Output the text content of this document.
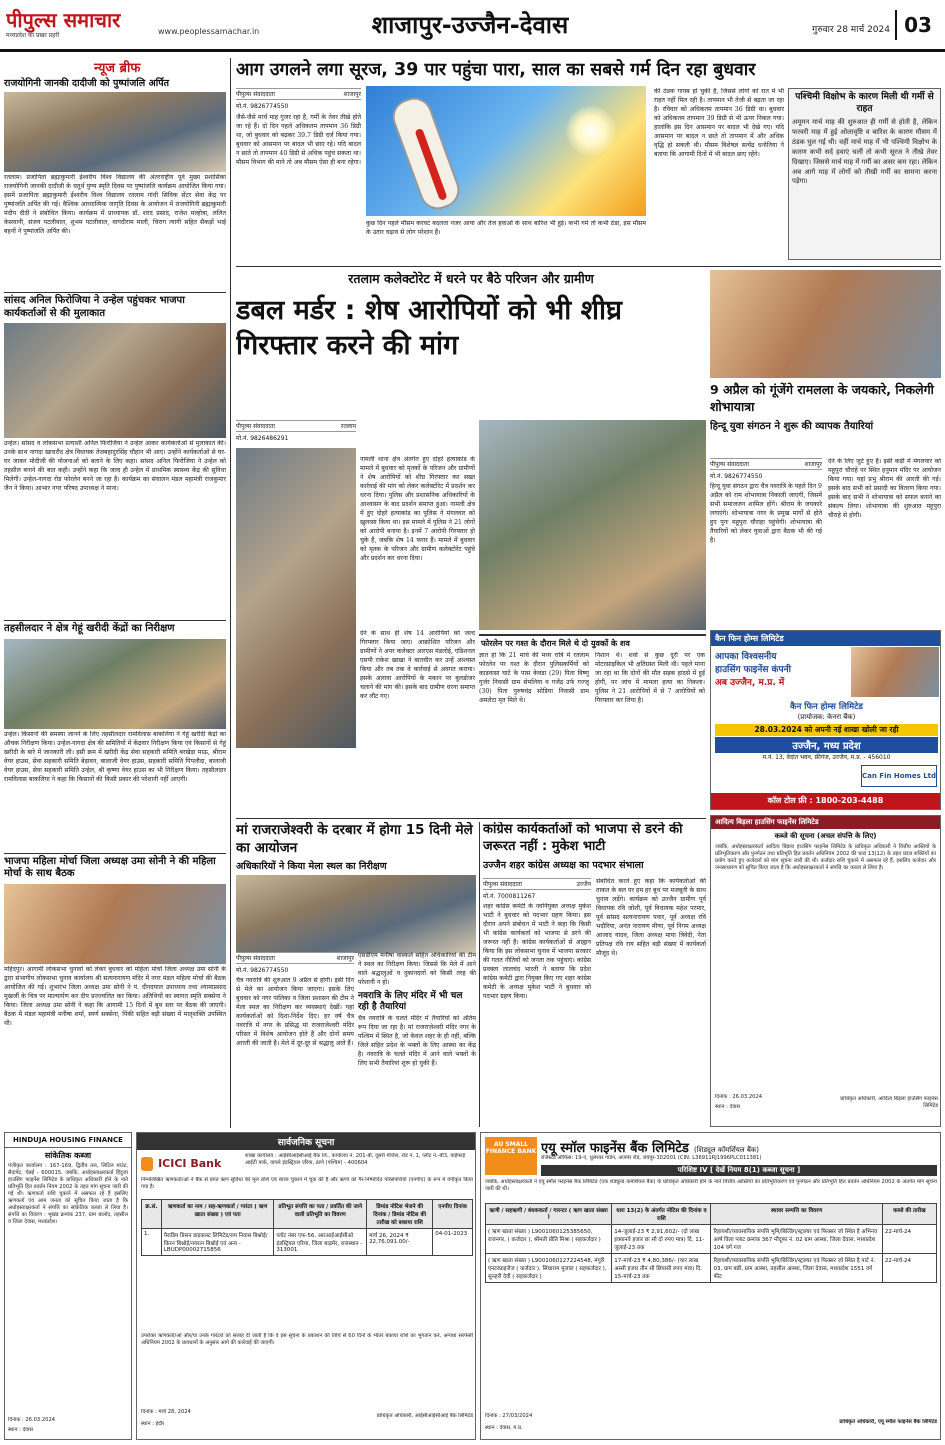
पीपुल्स समाचार
मध्यप्रदेश का प्रखर प्रहरी	www.peoplessamachar.in	शाजापुर-उज्जैन-देवास	गुरुवार 28 मार्च 2024 03
न्यूज ब्रीफ
राजयोगिनी जानकी दादीजी को पुष्पांजलि अर्पित
रतलाम। प्रजापिता ब्रह्माकुमारी ईश्वरीय विश्व विद्यालय की अंतरराष्ट्रीय पूर्व मुख्य प्रशासिका राजयोगिनी जानकी दादीजी के चतुर्थ पुण्य स्मृति दिवस पर पुष्पांजलि कार्यक्रम आयोजित किया गया। इसमें प्रजापिता ब्रह्माकुमारी ईश्वरीय विश्व विद्यालय रतलाम गांधी सिविक सेंटर सेवा केंद्र पर पुष्पांजलि अर्पित की गई। वैश्विक आध्यात्मिक जागृति दिवस के आयोजन में राजयोगिनी ब्रह्माकुमारी मंदीप दीदी ने संबोधित किया। कार्यक्रम में प्राध्यापक डॉ. शरद प्रसाद, राजेश मल्होत्रा, ललित केसवानी, संजय पटलीवाल, शुभम पटलीवाल, वागदीराम माली, चिराग त्यागी सहित सैकड़ों भाई बहनों ने पुष्पांजलि अर्पित की।
सांसद अनिल फिरोजिया ने उन्हेल पहुंचकर भाजपा कार्यकर्ताओं से की मुलाकात
उन्हेल। सांसद व लोकसभा प्रत्याशी अनिल फिरोजिया ने उन्हेल आकर कार्यकर्ताओं से मुलाकात की। उनके साथ नागदा खाचरौद क्षेत्र विधायक तेजबहादुरसिंह चौहान भी आए। उन्होंने कार्यकर्ताओं से घर-घर जाकर मोदीजी की योजनाओं को बताने के लिए कहा। सांसद अनिल फिरोजिया ने उन्हेल को तहसील बनाने की बात कही। उन्होंने कहा कि जल्द ही उन्हेल में प्राथमिक स्वास्थ्य केंद्र की सुविधा मिलेगी। उन्हेल-नागदा रोड फोरलेन बनने जा रहा है। कार्यक्रम का संचालन मंडल महामंत्री राजकुमार जैन ने किया। आभार नगर परिषद उपाध्यक्ष ने माना।
तहसीलदार ने क्षेत्र गेहूं खरीदी केंद्रों का निरीक्षण
उन्हेल। किसानों की समस्या जानने के लिए तहसीलदार रामविलास बाकलिया ने गेहूं खरीदी केंद्रों का औचक निरीक्षण किया। उन्हेल-नागदा क्षेत्र की समितियों में केंद्रवार निरीक्षण किया एवं किसानों से गेहूं खरीदी के बारे में जानकारी ली। इसी क्रम में खरीदी केंद्र सेवा सहकारी समिति बरखेड़ा माऊ, श्रीराम वेयर हाउस, सेवा सहकारी समिति बेड़ावन, बालाजी वेयर हाउस, सहकारी समिति पिपलौदा, बालाजी वेयर हाउस, सेवा सहकारी समिति उन्हेल, श्री कृष्णा वेयर हाउस का भी निरीक्षण किया। तहसीलदार रामविलास बाकलिया ने कहा कि किसानों की किसी प्रकार की परेशानी नहीं आएगी।
भाजपा महिला मोर्चा जिला अध्यक्ष उमा सोनी ने की महिला मोर्चा के साथ बैठक
महिदपुर। आगामी लोकसभा चुनावों को लेकर बुधवार को महिला मोर्चा जिला अध्यक्ष उमा सोनी के द्वारा संभागीय लोकसभा चुनाव कार्यालय श्री सत्यनारायण मंदिर में नगर मंडल महिला मोर्चा की बैठक आयोजित की गई। शुभारंभ जिला अध्यक्ष उमा सोनी ने पं. दीनदयाल उपाध्याय तथा श्यामाप्रसाद मुखर्जी के चित्र पर माल्यार्पण कर दीप प्रज्ज्वलित कर किया। अतिथियों का स्वागत स्मृति सक्सेना ने किया। जिला अध्यक्ष उमा सोनी ने कहा कि आगामी 15 दिनों में बूथ स्तर पर बैठक की जाएगी। बैठक में मंडल महामंत्री मनीषा शर्मा, स्वर्ण सक्सेना, पिंकी सहित बड़ी संख्या में मातृशक्ति उपस्थित थी।
आग उगलने लगा सूरज, 39 पार पहुंचा पारा, साल का सबसे गर्म दिन रहा बुधवार
पीपुल्स संवाददाता	शाजापुर
मो.नं. 9826774550
जैसे-जैसे मार्च माह गुजर रहा है, गर्मी के तेवर तीखे होते जा रहे हैं। दो दिन पहले अधिकतम तापमान 36 डिग्री था, जो बुधवार को बढ़कर 39.7 डिग्री दर्ज किया गया। बुधवार को आसमान पर बादल भी छाए रहे। यदि बादल न छाते तो तापमान 40 डिग्री से अधिक पहुंच सकता था। मौसम विभाग की माने तो अब मौसम ऐसा ही बना रहेगा।
कुछ दिन पहले मौसम करवट बदलता नजर आया और तेज हवाओं के साथ बारिश भी हुई। कभी गर्म तो कभी ठंडा, इस मौसम के उतार चढ़ाव से लोग परेशान हैं।
की ठंडक गायब हो चुकी है, जिससे लोगों को रात में भी राहत नहीं मिल रही है। तापमान भी तेजी से बढ़ता जा रहा है। रविवार को अधिकतम तापमान 36 डिग्री था। बुधवार को अधिकतम तापमान 39 डिग्री से भी ऊपर निकल गया। हालांकि इस दिन आसमान पर बादल भी देखे गए। यदि आसमान पर बादल न छाते तो तापमान में और अधिक वृद्धि हो सकती थी। मौसम विशेषज्ञ सत्येंद्र धनोतिया ने बताया कि आगामी दिनों में भी बादल छाए रहेंगे।
पश्चिमी विक्षोभ के कारण मिली थी गर्मी से राहत
अमूमन मार्च माह की शुरुआत ही गर्मी से होती है, लेकिन फरवरी माह में हुई ओलावृष्टि व बारिश के कारण मौसम में ठंडक घुल गई थी। वहीं मार्च माह में भी पश्चिमी विक्षोभ के कारण कभी सर्द हवाएं चलीं तो कभी सूरज ने तीखे तेवर दिखाए। जिससे मार्च माह में गर्मी का असर कम रहा। लेकिन अब आगे माह में लोगों को तीखी गर्मी का सामना करना पड़ेगा।
रतलाम कलेक्टोरेट में धरने पर बैठे परिजन और ग्रामीण
डबल मर्डर : शेष आरोपियों को भी शीघ्र गिरफ्तार करने की मांग
पीपुल्स संवाददाता	रतलाम
मो.नं. 9826486291
नामली थाना क्षेत्र अंतर्गत हुए दोहरे हत्याकांड के मामले में बुधवार को मृतकों के परिजन और ग्रामीणों ने शेष आरोपियों को शीघ्र गिरफ्तार कर सख्त कार्रवाई की मांग को लेकर कलेक्टोरेट में प्रदर्शन कर धरना दिया। पुलिस और प्रशासनिक अधिकारियों के आश्वासन के बाद प्रदर्शन समाप्त हुआ। नामली क्षेत्र में हुए दोहरे हत्याकांड का पुलिस ने मंगलवार को खुलासा किया था। इस मामले में पुलिस ने 21 लोगों को आरोपी बनाया है। इनमें 7 आरोपी गिरफ्तार हो चुके हैं, जबकि शेष 14 फरार हैं। मामले में बुधवार को मृतक के परिजन और ग्रामीण कलेक्टोरेट पहुंचे और प्रदर्शन कर धरना दिया।
देने के साथ ही शेष 14 आरोपियों को जल्द गिरफ्तार किया जाए। आक्रोशित परिजन और ग्रामीणों ने अपर कलेक्टर आरएस मंडलोई, एडिशनल एसपी राकेश खाखा ने बातचीत कर उन्हें आश्वस्त किया और तब तक वे कार्रवाई से अवगत कराया। इसके अलावा आरोपियों के मकान पर बुलडोजर चलाने की मांग की। इसके बाद ग्रामीण धरना समाप्त कर लौट गए।
फोरलेन पर गश्त के दौरान मिले थे दो युवकों के शव
ज्ञात हो कि 21 मार्च की मध्य रात्रि में रतलाम फोरलेन पर गश्त के दौरान पुलिसकर्मियों को काडवासा घाटे के पास केवडा (29) पिता विष्णु गुर्जर निवासी ग्राम सेमलिया व गजेंद्र उर्फ गज्जू (30) पिता पुरुषचंद्र सोडिया निवासी ग्राम अमलेटा मृत मिले थे।
निशान थे। शवों से कुछ दूरी पर एक मोटरसाइकिल भी क्षतिग्रस्त मिली थी। पहले माना जा रहा था कि दोनों की मौत सड़क हादसे में हुई होगी, पर जांच में मामला हत्या का निकला। पुलिस ने 21 आरोपियों में से 7 आरोपियों को गिरफ्तार कर लिया है।
9 अप्रैल को गूंजेंगे रामलला के जयकारे, निकलेगी शोभायात्रा
हिन्दू युवा संगठन ने शुरू की व्यापक तैयारियां
पीपुल्स संवाददाता	शाजापुर
मो.नं. 9826774550
हिन्दू युवा संगठन द्वारा चैत्र नवरात्रि के पहले दिन 9 अप्रैल को राम शोभायात्रा निकाली जाएगी, जिसमें सभी समाजजन शामिल होंगे। श्रीराम के जयकारे लगाएंगे। शोभायात्रा नगर के प्रमुख मार्गों से होते हुए पुनः महूपुरा चौराहा पहुंचेगी। शोभायात्रा की तैयारियों को लेकर युवाओं द्वारा बैठक भी की गई है।
देने के लिए जुटे हुए हैं। इसी कड़ी में मंगलवार को महूपुरा चौराहे पर स्थित हनुमान मंदिर पर आयोजन किया गया। यहां प्रभु श्रीराम की आरती की गई। इसके बाद सभी को प्रसादी का वितरण किया गया। इसके बाद सभी ने शोभायात्रा को सफल बनाने का संकल्प लिया। शोभायात्रा की शुरुआत महूपुरा चौराहे से होगी।
कैन फिन होम्स लिमिटेड
आपका विश्वसनीय
हाउसिंग फाइनेंस कंपनी
अब उज्जैन, म.प्र. में
कैन फिन होम्स लिमिटेड
(प्रायोजक: केनरा बैंक)
28.03.2024 को अपनी नई शाखा खोली जा रही
उज्जैन, मध्य प्रदेश
म.नं. 13, वेदांत भवन, फ्रीगंज, उज्जैन, म.प्र. - 456010
Can Fin Homes Ltd
कॉल टोल फ्री : 1800-203-4488
मां राजराजेश्वरी के दरबार में होगा 15 दिनी मेले का आयोजन
अधिकारियों ने किया मेला स्थल का निरीक्षण
पीपुल्स संवाददाता	शाजापुर
मो.नं. 9826774550
चैत्र नवरात्रि की शुरुआत 9 अप्रैल से होगी। इसी दिन से मेले का आयोजन किया जाएगा। इसके लिए बुधवार को नगर पालिका व जिला प्रशासन की टीम ने मेला स्थल का निरीक्षण कर व्यवस्थाएं देखीं। यहां कार्यकर्ताओं को दिशा-निर्देश दिए। हर वर्ष चैत्र नवरात्रि में नगर के प्रसिद्ध मां राजराजेश्वरी मंदिर परिसर में विशेष आयोजन होते हैं और दोनों समय आरती की जाती है। मेले में दूर-दूर से श्रद्धालु आते हैं।
एसडीएम मनीषा वास्कले सहित अधिकारियों की टीम ने स्थल का निरीक्षण किया। जिससे कि मेले में आने वाले श्रद्धालुओं व दुकानदारों को किसी तरह की परेशानी न हो।
नवरात्रि के लिए मंदिर में भी चल रही है तैयारियां
चैत्र नवरात्रि के चलते मंदिर में तैयारियों को अंतिम रूप दिया जा रहा है। मां राजराजेश्वरी मंदिर नगर के पश्चिम में स्थित है, जो केवल शहर के ही नहीं, बल्कि जिले सहित प्रदेश के भक्तों के लिए आस्था का केंद्र है। नवरात्रि के चलते मंदिर में आने वाले भक्तों के लिए सभी तैयारियां शुरू हो चुकी हैं।
कांग्रेस कार्यकर्ताओं को भाजपा से डरने की जरूरत नहीं : मुकेश भाटी
उज्जैन शहर कांग्रेस अध्यक्ष का पदभार संभाला
पीपुल्स संवाददाता	उज्जैन
मो.नं. 7000811267
शहर कांग्रेस कमेटी के नवनियुक्त अध्यक्ष मुकेश भाटी ने बुधवार को पदभार ग्रहण किया। इस दौरान अपने संबोधन में भाटी ने कहा कि किसी भी कांग्रेस कार्यकर्ता को भाजपा से डरने की जरूरत नहीं है। कांग्रेस कार्यकर्ताओं से आह्वान किया कि इस लोकसभा चुनाव में भाजपा सरकार की गलत नीतियों को जनता तक पहुंचाएं। कांग्रेस प्रवक्ता लालचंद भारती ने बताया कि प्रदेश कांग्रेस कमेटी द्वारा नियुक्त किए गए शहर कांग्रेस कमेटी के अध्यक्ष मुकेश भाटी ने बुधवार को पदभार ग्रहण किया।
संबोधित करते हुए कहा कि कार्यकर्ताओं की ताकत के बल पर हम हर बूथ पर मजबूती के साथ चुनाव लड़ेंगे। कार्यक्रम को उज्जैन ग्रामीण पूर्व विधायक रवि जोशी, पूर्व विधायक महेश परमार, पूर्व सांसद सत्यनारायण पवार, पूर्व अध्यक्ष रवि भदौरिया, अनंत नारायण मीणा, पूर्व निगम अध्यक्ष आजाद यादव, जिला अध्यक्ष माया त्रिवेदी, नेता प्रतिपक्ष रवि राय सहित बड़ी संख्या में कार्यकर्ता मौजूद थे।
आदित्य बिड़ला हाउसिंग फाइनेंस लिमिटेड
कब्जे की सूचना (अचल संपत्ति के लिए)
जबकि, अधोहस्ताक्षरकर्ता आदित्य बिड़ला हाउसिंग फाइनेंस लिमिटेड के प्राधिकृत अधिकारी ने वित्तीय आस्तियों के प्रतिभूतिकरण और पुनर्गठन तथा प्रतिभूति हित प्रवर्तन अधिनियम 2002 की धारा 13(12) के तहत प्रदत्त शक्तियों का प्रयोग करते हुए कर्जदारों को मांग सूचना जारी की थी। कर्जदार राशि चुकाने में असफल रहे हैं, इसलिए कर्जदार और जनसाधारण को सूचित किया जाता है कि अधोहस्ताक्षरकर्ता ने संपत्ति का कब्जा ले लिया है।
दिनांक : 26.03.2024
स्थान : देवास
प्राधिकृत अधिकारी, आदित्य बिड़ला हाउसिंग फाइनेंस लिमिटेड
HINDUJA HOUSING FINANCE
सांकेतिक कब्जा
पंजीकृत कार्यालय : 167-169, द्वितीय तल, लिटिल माउंट, सैदापेट, चेन्नई - 600015. जबकि, अधोहस्ताक्षरकर्ता हिंदुजा हाउसिंग फाइनेंस लिमिटेड के प्राधिकृत अधिकारी होने के नाते प्रतिभूति हित प्रवर्तन नियम 2002 के तहत मांग सूचना जारी की गई थी। ऋणकर्ता राशि चुकाने में असफल रहे हैं इसलिए ऋणकर्ता एवं आम जनता को सूचित किया जाता है कि अधोहस्ताक्षरकर्ता ने संपत्ति का सांकेतिक कब्जा ले लिया है। संपत्ति का विवरण : भूखंड क्रमांक 237, ग्राम बालोद, तहसील व जिला देवास, मध्यप्रदेश।
दिनांक : 26.03.2024
स्थान : देवास
सार्वजनिक सूचना
ICICI Bank
शाखा कार्यालय : आईसीआईसीआई बैंक लि., कार्यालय नं. 201-बी, दूसरी मंजिल, रोड नं. 1, प्लॉट नं.-बी3, वाईफाई आईटी पार्क, वागले इंडस्ट्रियल एरिया, ठाणे (पश्चिम) - 400604
निम्नलिखित ऋणकर्ता/ओं ने बैंक से प्राप्त ऋण सुविधा की मूल राशि एवं ब्याज चुकाने में चूक की है और ऋणों को गैर-निष्पादित परिसंपत्तियों (एनपीए) के रूप में वर्गीकृत किया गया है।
क्र.सं.	ऋणकर्ता का नाम / सह-ऋणकर्ता / गारंटर ( ऋण खाता संख्या ) एवं पता	प्रतिभूत संपत्ति का पता / प्रवर्तित की जाने वाली प्रतिभूति का विवरण	डिमांड नोटिस भेजने की दिनांक / डिमांड नोटिस की तारीख को बकाया राशि	एनपीए दिनांक
1.	पैराडिम प्रिसन डाइकास्ट लिमिटेड/राम निवास बिश्नोई/किरन बिश्नोई/नवरत्न बिश्नोई एवं अन्य - LBUDP00002715856	प्लॉट नंबर एफ-56, आरआईआईसीओ इंडस्ट्रियल एरिया, जिला बाड़मेर, राजस्थान - 313001	मार्च 26, 2024 ₹ 22,76,091.00/-	04-01-2023
उपरोक्त ऋणकर्ता/ओं और/या उनके गारंटरों को सलाह दी जाती है कि वे इस सूचना के प्रकाशन की तिथि से 60 दिनों के भीतर बकाया राशि का भुगतान करें, अन्यथा सरफेसी अधिनियम 2002 के प्रावधानों के अनुसार आगे की कार्रवाई की जाएगी।
दिनांक : मार्च 28, 2024
स्थान : इंदौर
प्राधिकृत अधिकारी, आईसीआईसीआई बैंक लिमिटेड
AU SMALL FINANCE BANK एयू स्मॉल फाइनेंस बैंक लिमिटेड (शिड्यूल कॉमर्शियल बैंक)
रजिस्टर्ड ऑफिस: 19-ए, धुलेश्वर गार्डन, अजमेर रोड, जयपुर-302001 (CIN: L36911RJ1996PLC011381)
परिशिष्ट IV [ देखें नियम 8(1) कब्जा सूचना ]
जबकि, अधोहस्ताक्षरकर्ता ने एयू स्मॉल फाइनेंस बैंक लिमिटेड (एक शेड्यूल्ड कमर्शियल बैंक) के प्राधिकृत अधिकारी होने के नाते वित्तीय आस्तियों का प्रतिभूतिकरण एवं पुनर्गठन और प्रतिभूति हित प्रवर्तन अधिनियम 2002 के अंतर्गत मांग सूचना जारी की थी।
ऋणी / सहऋणी / बंधककर्ता / गारन्टर ( ऋण खाता संख्या )	धारा 13(2) के अंतर्गत नोटिस की दिनांक व राशि	स्थावर सम्पत्ति का विवरण	कब्जे की तारीख
( ऋण खाता संख्या ) L9001060125385650, राजनगर, ( कर्जदार ), श्रीमती प्रीति मिश्रा ( सहकर्जदार )	14-जुलाई-23 ₹ 2,91,602/- (दो लाख इक्यानवे हजार छः सौ दो रुपए मात्र) दि. 11-जुलाई-23 तक	रिहायशी/व्यावसायिक संपत्ति भूमि/बिल्डिंग/स्ट्रक्चर एवं फिक्सर जो स्थित है अभिनव आर्ष विला प्लाट क्रमांक 367 मौदूफा नं. 02 ग्राम आस्था, जिला देवास, मध्यप्रदेश 104 वर्ग गज	22-मार्च-24
( ऋण खाता संख्या ) L9001060127224548, मंगूरी एनटरप्राइजेज ( कर्जदार ), सिंधाराम मुजाल ( सहकर्जदार ), सुनहरी देवी ( सहकर्जदार )	17-मार्च-23 ₹ 4,80,386/- (चार लाख अस्सी हजार तीन सौ छियासी रुपए मात्र) दि. 15-मार्च-23 तक	रिहायशी/व्यावसायिक संपत्ति भूमि/बिल्डिंग/स्ट्रक्चर एवं फिक्सर जो स्थित है पार्ट नं. 03, ग्राम बन्नी, ग्राम आस्था, तहसील आस्था, जिला देवास, मध्यप्रदेश 1551 वर्ग फीट	22-मार्च-24
दिनांक : 27/03/2024
स्थान : देवास, म.प्र.
प्राधिकृत अधिकारी, एयू स्मॉल फाइनेंस बैंक लिमिटेड
